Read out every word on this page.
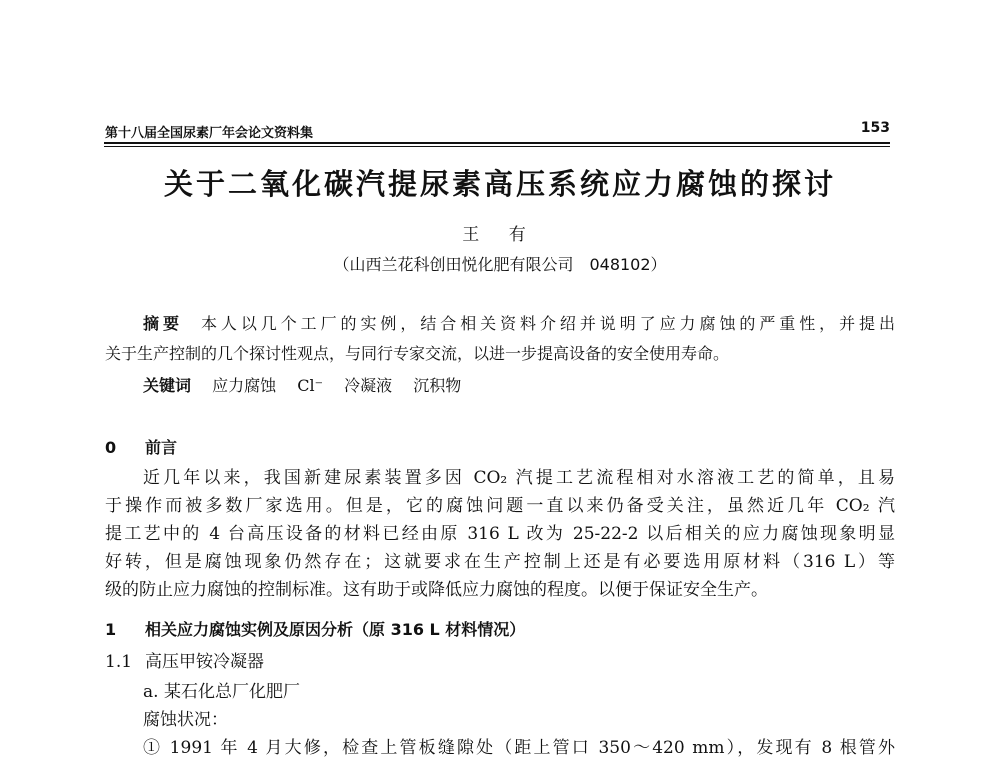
第十八届全国尿素厂年会论文资料集	153
关于二氧化碳汽提尿素高压系统应力腐蚀的探讨
王 有
（山西兰花科创田悦化肥有限公司　048102）
摘要 本人以几个工厂的实例，结合相关资料介绍并说明了应力腐蚀的严重性，并提出
关于生产控制的几个探讨性观点，与同行专家交流，以进一步提高设备的安全使用寿命。
关键词 应力腐蚀 Cl⁻ 冷凝液 沉积物
0 前言
近几年以来，我国新建尿素装置多因 CO₂ 汽提工艺流程相对水溶液工艺的简单，且易
于操作而被多数厂家选用。但是，它的腐蚀问题一直以来仍备受关注，虽然近几年 CO₂ 汽
提工艺中的 4 台高压设备的材料已经由原 316 L 改为 25-22-2 以后相关的应力腐蚀现象明显
好转，但是腐蚀现象仍然存在；这就要求在生产控制上还是有必要选用原材料（316 L）等
级的防止应力腐蚀的控制标准。这有助于或降低应力腐蚀的程度。以便于保证安全生产。
1 相关应力腐蚀实例及原因分析（原 316 L 材料情况）
1.1 高压甲铵冷凝器
a. 某石化总厂化肥厂
腐蚀状况：
① 1991 年 4 月大修，检查上管板缝隙处（距上管口 350～420 mm），发现有 8 根管外
